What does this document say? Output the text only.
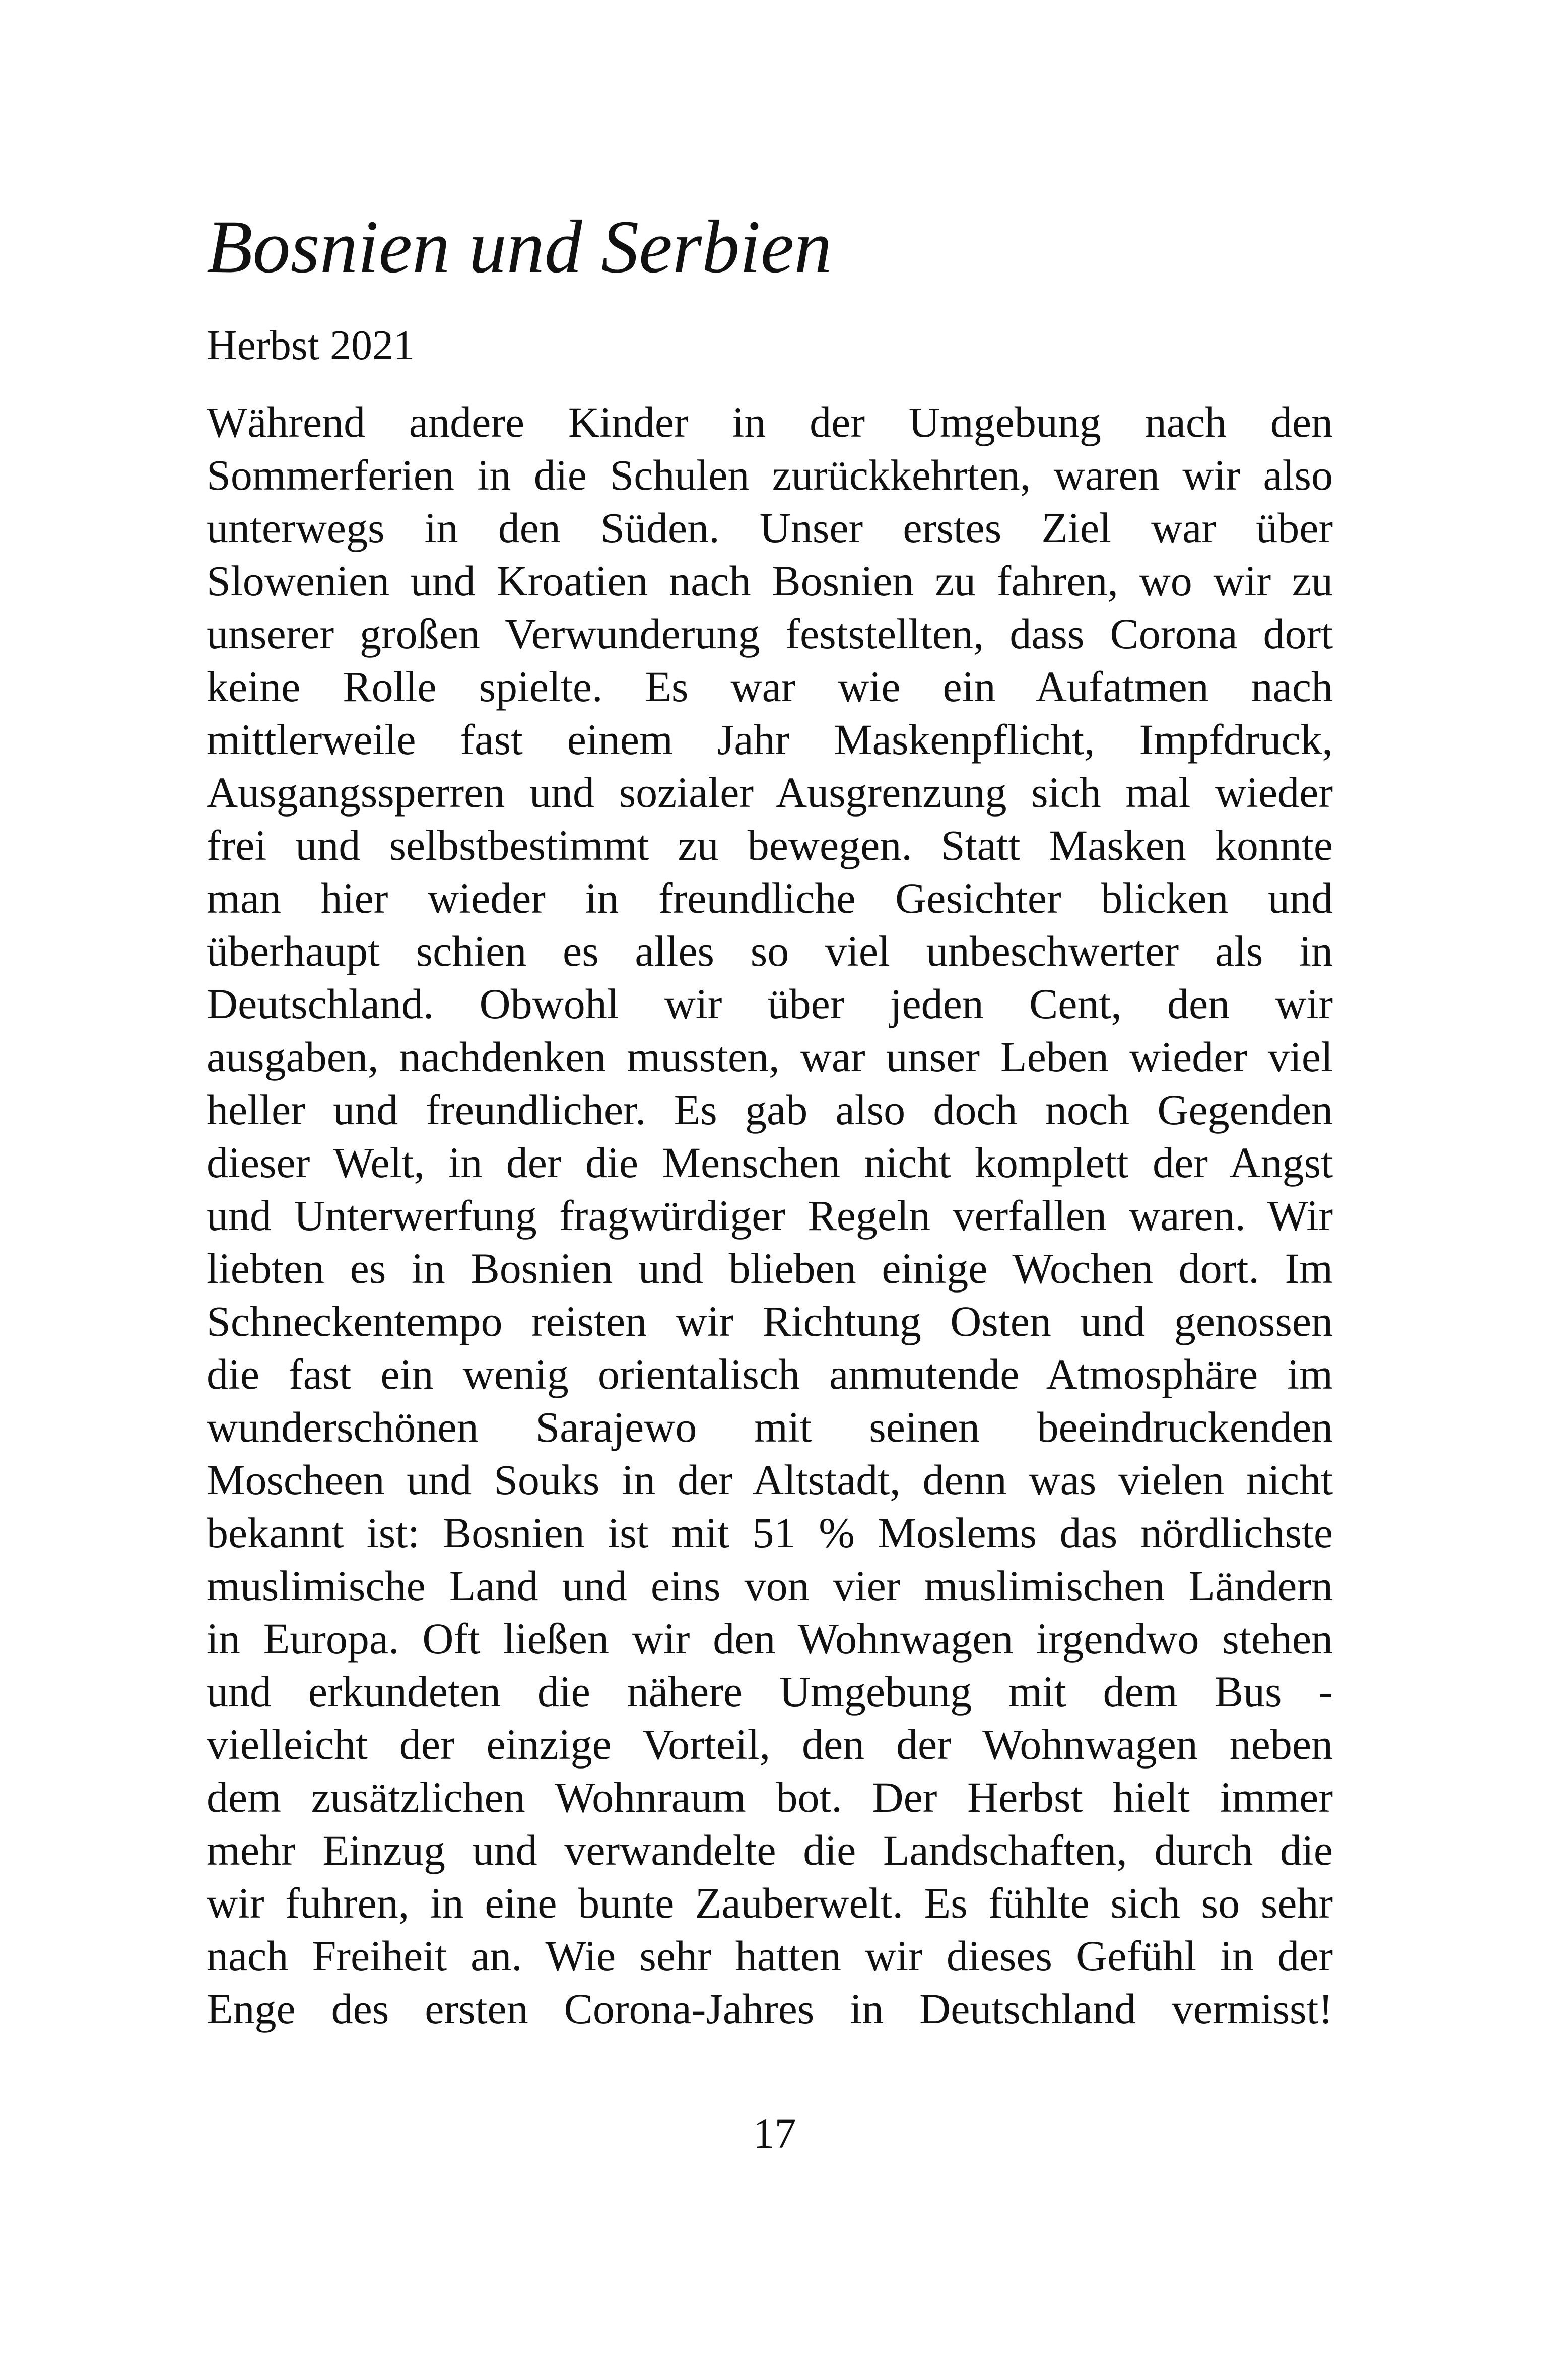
Bosnien und Serbien

Herbst 2021

Während andere Kinder in der Umgebung nach den
Sommerferien in die Schulen zurückkehrten, waren wir also
unterwegs in den Süden. Unser erstes Ziel war über
Slowenien und Kroatien nach Bosnien zu fahren, wo wir zu
unserer großen Verwunderung feststellten, dass Corona dort
keine Rolle spielte. Es war wie ein Aufatmen nach
mittlerweile fast einem Jahr Maskenpflicht, Impfdruck,
Ausgangssperren und sozialer Ausgrenzung sich mal wieder
frei und selbstbestimmt zu bewegen. Statt Masken konnte
man hier wieder in freundliche Gesichter blicken und
überhaupt schien es alles so viel unbeschwerter als in
Deutschland. Obwohl wir über jeden Cent, den wir
ausgaben, nachdenken mussten, war unser Leben wieder viel
heller und freundlicher. Es gab also doch noch Gegenden
dieser Welt, in der die Menschen nicht komplett der Angst
und Unterwerfung fragwürdiger Regeln verfallen waren. Wir
liebten es in Bosnien und blieben einige Wochen dort. Im
Schneckentempo reisten wir Richtung Osten und genossen
die fast ein wenig orientalisch anmutende Atmosphäre im
wunderschönen Sarajewo mit seinen beeindruckenden
Moscheen und Souks in der Altstadt, denn was vielen nicht
bekannt ist: Bosnien ist mit 51 % Moslems das nördlichste
muslimische Land und eins von vier muslimischen Ländern
in Europa. Oft ließen wir den Wohnwagen irgendwo stehen
und erkundeten die nähere Umgebung mit dem Bus -
vielleicht der einzige Vorteil, den der Wohnwagen neben
dem zusätzlichen Wohnraum bot. Der Herbst hielt immer
mehr Einzug und verwandelte die Landschaften, durch die
wir fuhren, in eine bunte Zauberwelt. Es fühlte sich so sehr
nach Freiheit an. Wie sehr hatten wir dieses Gefühl in der
Enge des ersten Corona-Jahres in Deutschland vermisst!

17
